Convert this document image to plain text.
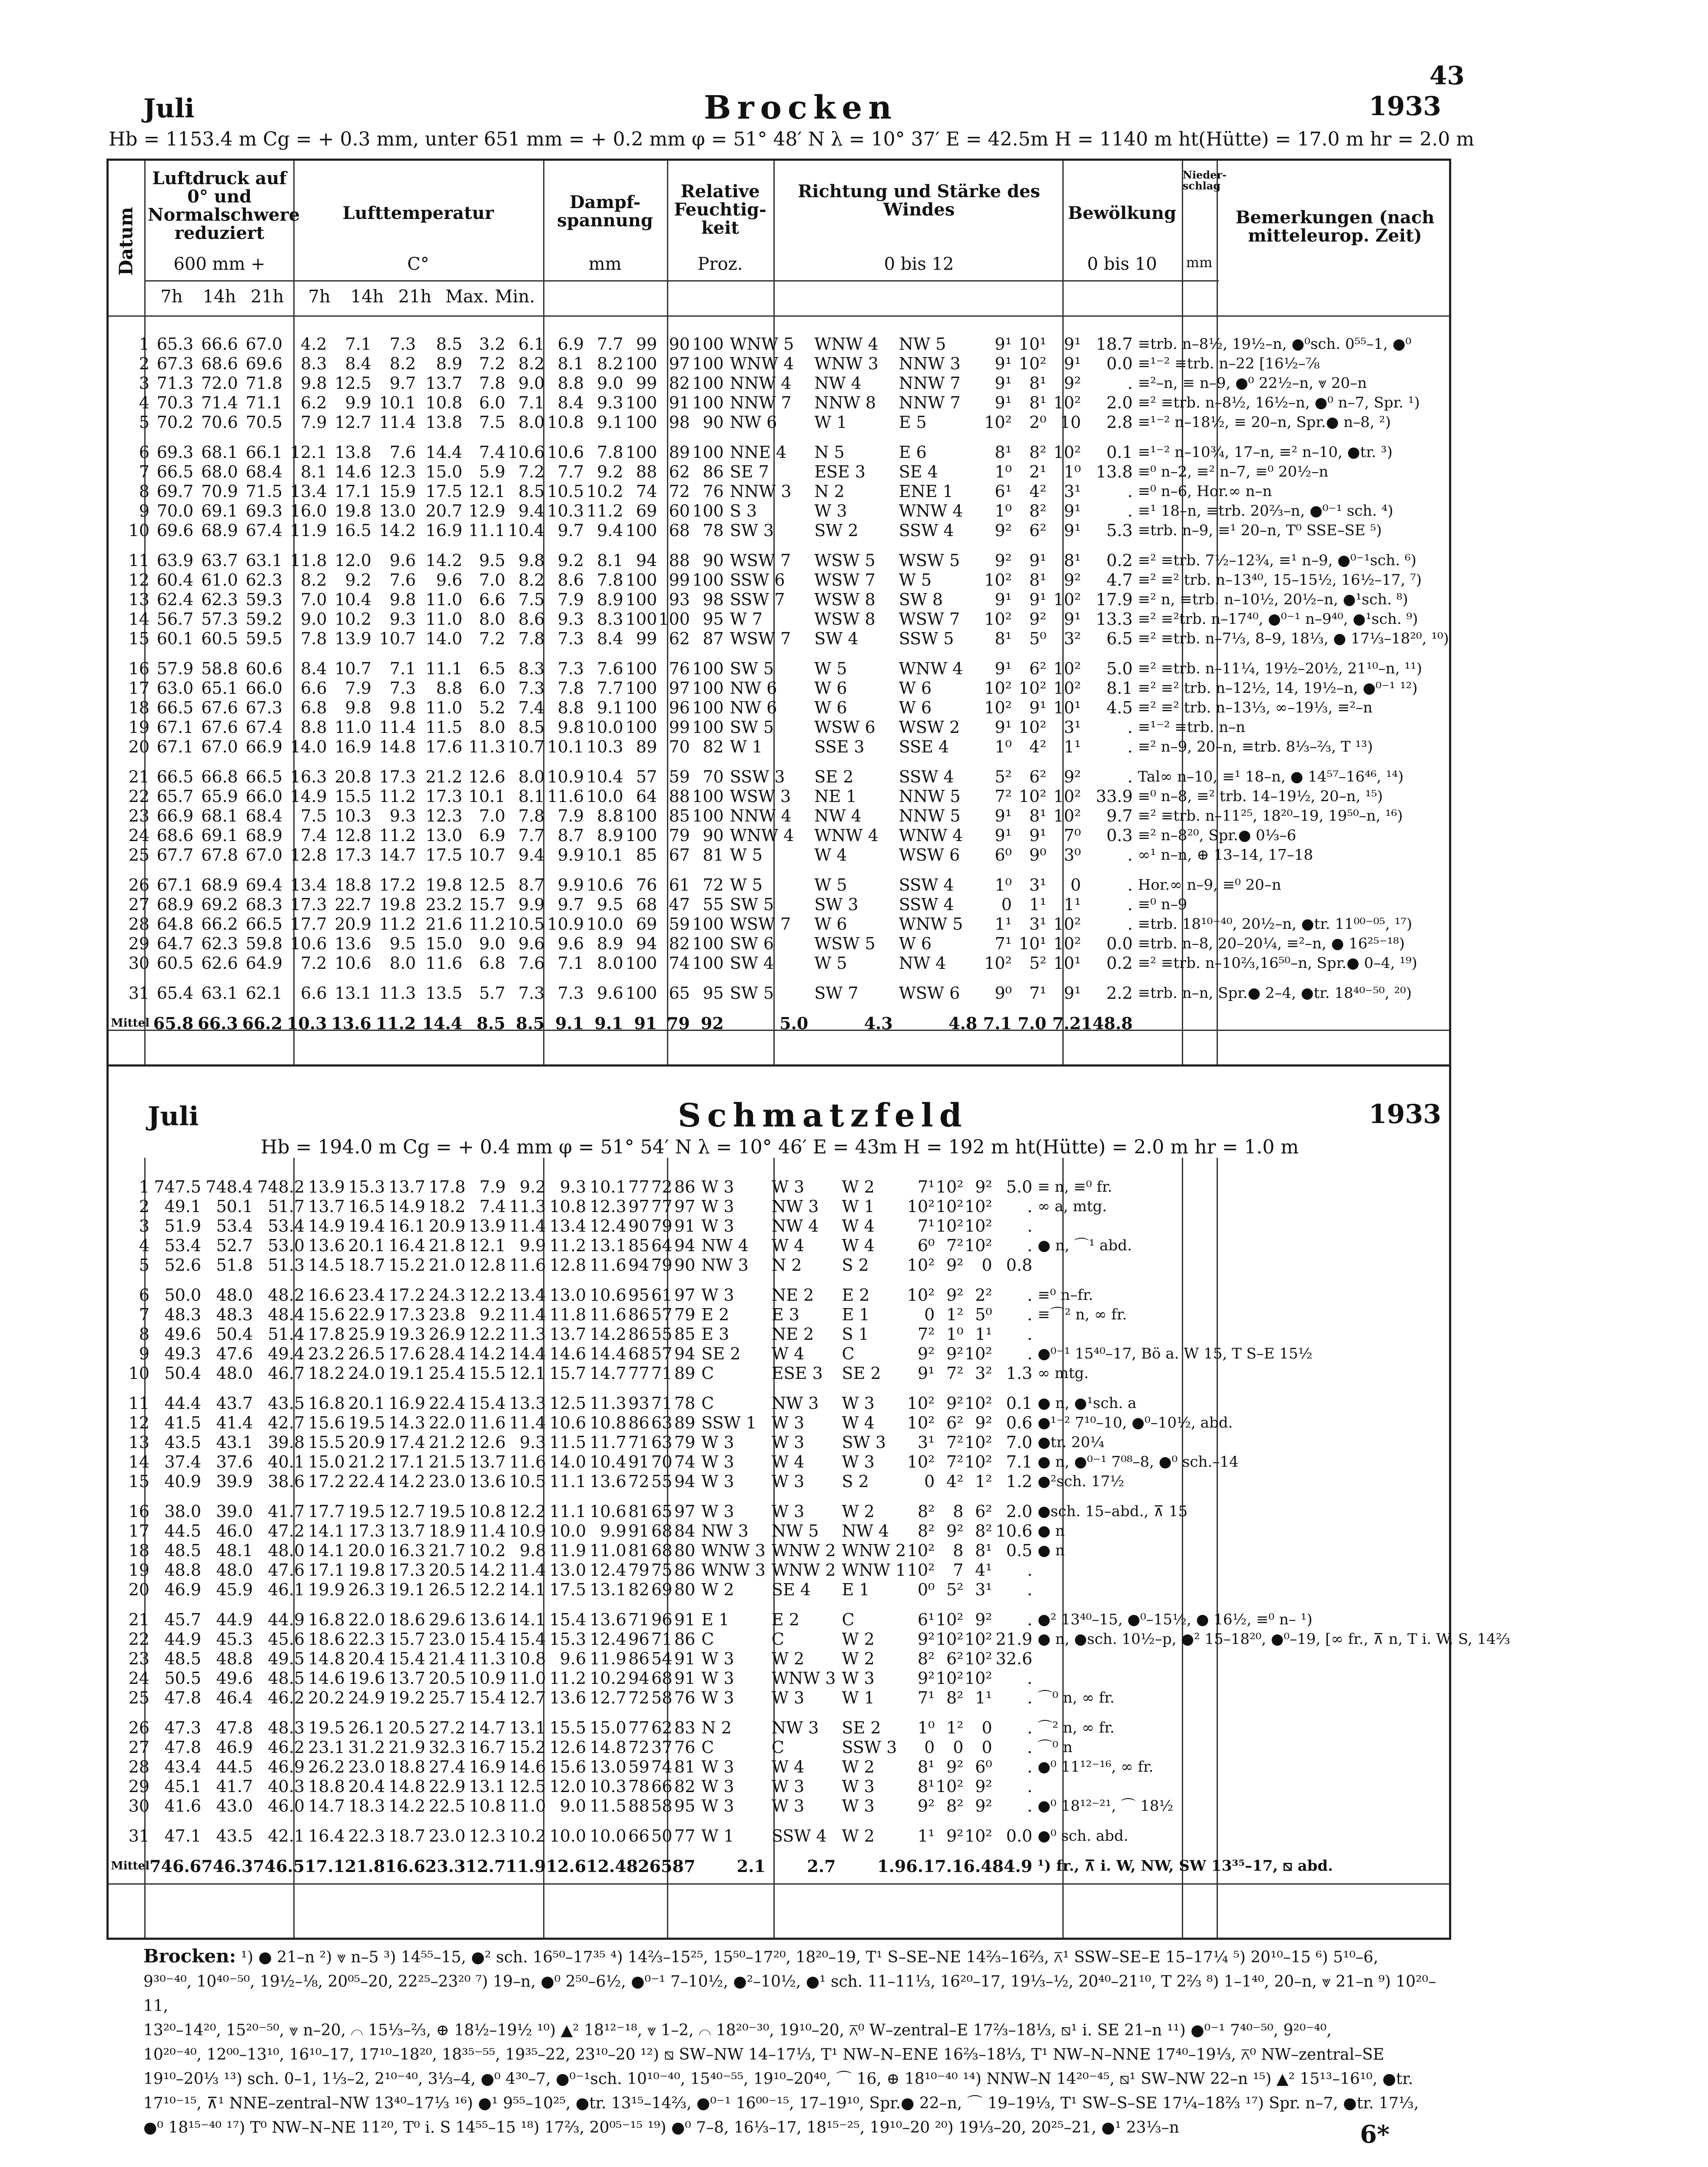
43
Juli	Brocken	1933
Hb = 1153.4 m Cg = + 0.3 mm, unter 651 mm = + 0.2 mm φ = 51° 48′ N λ = 10° 37′ E = 42.5m H = 1140 m ht(Hütte) = 17.0 m hr = 2.0 m
Datum
Luftdruck auf 0° und Normalschwere reduziert
600 mm +
Lufttemperatur
C°
Dampf-spannung
mm
Relative Feuchtig-keit
Proz.
Richtung und Stärke des Windes
0 bis 12
Bewölkung
0 bis 10
Nieder-schlag
mm
Bemerkungen (nach mitteleurop. Zeit)
7h	14h 21h	7h	14h 21h Max. Min.
1	65.3	66.6	67.0	4.2	7.1	7.3	8.5	3.2	6.1	6.9	7.7	99	90	100	WNW 5	WNW 4	NW 5	9¹	10¹	9¹	18.7	≡trb. n–8½, 19½–n, ●⁰sch. 0⁵⁵–1, ●⁰
2	67.3	68.6	69.6	8.3	8.4	8.2	8.9	7.2	8.2	8.1	8.2	100	97	100	WNW 4	WNW 3	NNW 3	9¹	10²	9¹	0.0	≡¹⁻² ≡trb. n–22 [16½–⅞
3	71.3	72.0	71.8	9.8	12.5	9.7	13.7	7.8	9.0	8.8	9.0	99	82	100	NNW 4	NW 4	NNW 7	9¹	8¹	9²	.	≡²–n, ≡ n–9, ●⁰ 22½–n, ⩔ 20–n
4	70.3	71.4	71.1	6.2	9.9	10.1	10.8	6.0	7.1	8.4	9.3	100	91	100	NNW 7	NNW 8	NNW 7	9¹	8¹	10²	2.0	≡² ≡trb. n–8½, 16½–n, ●⁰ n–7, Spr. ¹)
5	70.2	70.6	70.5	7.9	12.7	11.4	13.8	7.5	8.0	10.8	9.1	100	98	90	NW 6	W 1	E 5	10²	2⁰	10	2.8	≡¹⁻² n–18½, ≡ 20–n, Spr.● n–8, ²)
6	69.3	68.1	66.1	12.1	13.8	7.6	14.4	7.4	10.6	10.6	7.8	100	89	100	NNE 4	N 5	E 6	8¹	8²	10²	0.1	≡¹⁻² n–10¾, 17–n, ≡² n–10, ●tr. ³)
7	66.5	68.0	68.4	8.1	14.6	12.3	15.0	5.9	7.2	7.7	9.2	88	62	86	SE 7	ESE 3	SE 4	1⁰	2¹	1⁰	13.8	≡⁰ n–2, ≡² n–7, ≡⁰ 20½–n
8	69.7	70.9	71.5	13.4	17.1	15.9	17.5	12.1	8.5	10.5	10.2	74	72	76	NNW 3	N 2	ENE 1	6¹	4²	3¹	.	≡⁰ n–6, Hor.∞ n–n
9	70.0	69.1	69.3	16.0	19.8	13.0	20.7	12.9	9.4	10.3	11.2	69	60	100	S 3	W 3	WNW 4	1⁰	8²	9¹	.	≡¹ 18–n, ≡trb. 20⅔–n, ●⁰⁻¹ sch. ⁴)
10	69.6	68.9	67.4	11.9	16.5	14.2	16.9	11.1	10.4	9.7	9.4	100	68	78	SW 3	SW 2	SSW 4	9²	6²	9¹	5.3	≡trb. n–9, ≡¹ 20–n, T⁰ SSE–SE ⁵)
11	63.9	63.7	63.1	11.8	12.0	9.6	14.2	9.5	9.8	9.2	8.1	94	88	90	WSW 7	WSW 5	WSW 5	9²	9¹	8¹	0.2	≡² ≡trb. 7½–12¾, ≡¹ n–9, ●⁰⁻¹sch. ⁶)
12	60.4	61.0	62.3	8.2	9.2	7.6	9.6	7.0	8.2	8.6	7.8	100	99	100	SSW 6	WSW 7	W 5	10²	8¹	9²	4.7	≡² ≡² trb. n–13⁴⁰, 15–15½, 16½–17, ⁷)
13	62.4	62.3	59.3	7.0	10.4	9.8	11.0	6.6	7.5	7.9	8.9	100	93	98	SSW 7	WSW 8	SW 8	9¹	9¹	10²	17.9	≡² n, ≡trb. n–10½, 20½–n, ●¹sch. ⁸)
14	56.7	57.3	59.2	9.0	10.2	9.3	11.0	8.0	8.6	9.3	8.3	100	100	95	W 7	WSW 8	WSW 7	10²	9²	9¹	13.3	≡² ≡²trb. n–17⁴⁰, ●⁰⁻¹ n–9⁴⁰, ●¹sch. ⁹)
15	60.1	60.5	59.5	7.8	13.9	10.7	14.0	7.2	7.8	7.3	8.4	99	62	87	WSW 7	SW 4	SSW 5	8¹	5⁰	3²	6.5	≡² ≡trb. n–7⅓, 8–9, 18⅓, ● 17⅓–18²⁰, ¹⁰)
16	57.9	58.8	60.6	8.4	10.7	7.1	11.1	6.5	8.3	7.3	7.6	100	76	100	SW 5	W 5	WNW 4	9¹	6²	10²	5.0	≡² ≡trb. n–11¼, 19½–20½, 21¹⁰–n, ¹¹)
17	63.0	65.1	66.0	6.6	7.9	7.3	8.8	6.0	7.3	7.8	7.7	100	97	100	NW 6	W 6	W 6	10²	10²	10²	8.1	≡² ≡² trb. n–12½, 14, 19½–n, ●⁰⁻¹ ¹²)
18	66.5	67.6	67.3	6.8	9.8	9.8	11.0	5.2	7.4	8.8	9.1	100	96	100	NW 6	W 6	W 6	10²	9¹	10¹	4.5	≡² ≡² trb. n–13⅓, ∞–19⅓, ≡²–n
19	67.1	67.6	67.4	8.8	11.0	11.4	11.5	8.0	8.5	9.8	10.0	100	99	100	SW 5	WSW 6	WSW 2	9¹	10²	3¹	.	≡¹⁻² ≡trb. n–n
20	67.1	67.0	66.9	14.0	16.9	14.8	17.6	11.3	10.7	10.1	10.3	89	70	82	W 1	SSE 3	SSE 4	1⁰	4²	1¹	.	≡² n–9, 20–n, ≡trb. 8⅓–⅔, T ¹³)
21	66.5	66.8	66.5	16.3	20.8	17.3	21.2	12.6	8.0	10.9	10.4	57	59	70	SSW 3	SE 2	SSW 4	5²	6²	9²	.	Tal∞ n–10, ≡¹ 18–n, ● 14⁵⁷–16⁴⁶, ¹⁴)
22	65.7	65.9	66.0	14.9	15.5	11.2	17.3	10.1	8.1	11.6	10.0	64	88	100	WSW 3	NE 1	NNW 5	7²	10²	10²	33.9	≡⁰ n–8, ≡² trb. 14–19½, 20–n, ¹⁵)
23	66.9	68.1	68.4	7.5	10.3	9.3	12.3	7.0	7.8	7.9	8.8	100	85	100	NNW 4	NW 4	NNW 5	9¹	8¹	10²	9.7	≡² ≡trb. n–11²⁵, 18²⁰–19, 19⁵⁰–n, ¹⁶)
24	68.6	69.1	68.9	7.4	12.8	11.2	13.0	6.9	7.7	8.7	8.9	100	79	90	WNW 4	WNW 4	WNW 4	9¹	9¹	7⁰	0.3	≡² n–8²⁰, Spr.● 0⅓–6
25	67.7	67.8	67.0	12.8	17.3	14.7	17.5	10.7	9.4	9.9	10.1	85	67	81	W 5	W 4	WSW 6	6⁰	9⁰	3⁰	.	∞¹ n–n, ⊕ 13–14, 17–18
26	67.1	68.9	69.4	13.4	18.8	17.2	19.8	12.5	8.7	9.9	10.6	76	61	72	W 5	W 5	SSW 4	1⁰	3¹	0	.	Hor.∞ n–9, ≡⁰ 20–n
27	68.9	69.2	68.3	17.3	22.7	19.8	23.2	15.7	9.9	9.7	9.5	68	47	55	SW 5	SW 3	SSW 4	0	1¹	1¹	.	≡⁰ n–9
28	64.8	66.2	66.5	17.7	20.9	11.2	21.6	11.2	10.5	10.9	10.0	69	59	100	WSW 7	W 6	WNW 5	1¹	3¹	10²	.	≡trb. 18¹⁰⁻⁴⁰, 20½–n, ●tr. 11⁰⁰⁻⁰⁵, ¹⁷)
29	64.7	62.3	59.8	10.6	13.6	9.5	15.0	9.0	9.6	9.6	8.9	94	82	100	SW 6	WSW 5	W 6	7¹	10¹	10²	0.0	≡trb. n–8, 20–20¼, ≡²–n, ● 16²⁵⁻¹⁸)
30	60.5	62.6	64.9	7.2	10.6	8.0	11.6	6.8	7.6	7.1	8.0	100	74	100	SW 4	W 5	NW 4	10²	5²	10¹	0.2	≡² ≡trb. n–10⅔,16⁵⁰–n, Spr.● 0–4, ¹⁹)
31	65.4	63.1	62.1	6.6	13.1	11.3	13.5	5.7	7.3	7.3	9.6	100	65	95	SW 5	SW 7	WSW 6	9⁰	7¹	9¹	2.2	≡trb. n–n, Spr.● 2–4, ●tr. 18⁴⁰⁻⁵⁰, ²⁰)
Mittel	65.8	66.3	66.2	10.3	13.6	11.2	14.4	8.5	8.5	9.1	9.1	91	79	92	5.0	4.3	4.8	7.1	7.0	7.2	148.8	
Juli	Schmatzfeld	1933
Hb = 194.0 m Cg = + 0.4 mm φ = 51° 54′ N λ = 10° 46′ E = 43m H = 192 m ht(Hütte) = 2.0 m hr = 1.0 m
1	747.5	748.4	748.2	13.9	15.3	13.7	17.8	7.9	9.2	9.3	10.1	77	72	86	W 3	W 3	W 2	7¹	10²	9²	5.0	≡ n, ≡⁰ fr.
2	49.1	50.1	51.7	13.7	16.5	14.9	18.2	7.4	11.3	10.8	12.3	97	77	97	W 3	NW 3	W 1	10²	10²	10²	.	∞ a, mtg.
3	51.9	53.4	53.4	14.9	19.4	16.1	20.9	13.9	11.4	13.4	12.4	90	79	91	W 3	NW 4	W 4	7¹	10²	10²	.	
4	53.4	52.7	53.0	13.6	20.1	16.4	21.8	12.1	9.9	11.2	13.1	85	64	94	NW 4	W 4	W 4	6⁰	7²	10²	.	● n, ⌒¹ abd.
5	52.6	51.8	51.3	14.5	18.7	15.2	21.0	12.8	11.6	12.8	11.6	94	79	90	NW 3	N 2	S 2	10²	9²	0	0.8	
6	50.0	48.0	48.2	16.6	23.4	17.2	24.3	12.2	13.4	13.0	10.6	95	61	97	W 3	NE 2	E 2	10²	9²	2²	.	≡⁰ n–fr.
7	48.3	48.3	48.4	15.6	22.9	17.3	23.8	9.2	11.4	11.8	11.6	86	57	79	E 2	E 3	E 1	0	1²	5⁰	.	≡⌒² n, ∞ fr.
8	49.6	50.4	51.4	17.8	25.9	19.3	26.9	12.2	11.3	13.7	14.2	86	55	85	E 3	NE 2	S 1	7²	1⁰	1¹	.	
9	49.3	47.6	49.4	23.2	26.5	17.6	28.4	14.2	14.4	14.6	14.4	68	57	94	SE 2	W 4	C	9²	9²	10²	.	●⁰⁻¹ 15⁴⁰–17, Bö a. W 15, T S–E 15½
10	50.4	48.0	46.7	18.2	24.0	19.1	25.4	15.5	12.1	15.7	14.7	77	71	89	C	ESE 3	SE 2	9¹	7²	3²	1.3	∞ mtg.
11	44.4	43.7	43.5	16.8	20.1	16.9	22.4	15.4	13.3	12.5	11.3	93	71	78	C	NW 3	W 3	10²	9²	10²	0.1	● n, ●¹sch. a
12	41.5	41.4	42.7	15.6	19.5	14.3	22.0	11.6	11.4	10.6	10.8	86	63	89	SSW 1	W 3	W 4	10²	6²	9²	0.6	●¹⁻² 7¹⁰–10, ●⁰–10½, abd.
13	43.5	43.1	39.8	15.5	20.9	17.4	21.2	12.6	9.3	11.5	11.7	71	63	79	W 3	W 3	SW 3	3¹	7²	10²	7.0	●tr. 20¼
14	37.4	37.6	40.1	15.0	21.2	17.1	21.5	13.7	11.6	14.0	10.4	91	70	74	W 3	W 4	W 3	10²	7²	10²	7.1	● n, ●⁰⁻¹ 7⁰⁸–8, ●⁰ sch.–14
15	40.9	39.9	38.6	17.2	22.4	14.2	23.0	13.6	10.5	11.1	13.6	72	55	94	W 3	W 3	S 2	0	4²	1²	1.2	●²sch. 17½
16	38.0	39.0	41.7	17.7	19.5	12.7	19.5	10.8	12.2	11.1	10.6	81	65	97	W 3	W 3	W 2	8²	8	6²	2.0	●sch. 15–abd., ⊼ 15
17	44.5	46.0	47.2	14.1	17.3	13.7	18.9	11.4	10.9	10.0	9.9	91	68	84	NW 3	NW 5	NW 4	8²	9²	8²	10.6	● n
18	48.5	48.1	48.0	14.1	20.0	16.3	21.7	10.2	9.8	11.9	11.0	81	68	80	WNW 3	WNW 2	WNW 2	10²	8	8¹	0.5	● n
19	48.8	48.0	47.6	17.1	19.8	17.3	20.5	14.2	11.4	13.0	12.4	79	75	86	WNW 3	WNW 2	WNW 1	10²	7	4¹	.	
20	46.9	45.9	46.1	19.9	26.3	19.1	26.5	12.2	14.1	17.5	13.1	82	69	80	W 2	SE 4	E 1	0⁰	5²	3¹	.	
21	45.7	44.9	44.9	16.8	22.0	18.6	29.6	13.6	14.1	15.4	13.6	71	96	91	E 1	E 2	C	6¹	10²	9²	.	●² 13⁴⁰–15, ●⁰–15½, ● 16½, ≡⁰ n– ¹)
22	44.9	45.3	45.6	18.6	22.3	15.7	23.0	15.4	15.4	15.3	12.4	96	71	86	C	C	W 2	9²	10²	10²	21.9	● n, ●sch. 10½–p, ●² 15–18²⁰, ●⁰–19, [∞ fr., ⊼ n, T i. W, S, 14⅔
23	48.5	48.8	49.5	14.8	20.4	15.4	21.4	11.3	10.8	9.6	11.9	86	54	91	W 3	W 2	W 2	8²	6²	10²	32.6	
24	50.5	49.6	48.5	14.6	19.6	13.7	20.5	10.9	11.0	11.2	10.2	94	68	91	W 3	WNW 3	W 3	9²	10²	10²	.	
25	47.8	46.4	46.2	20.2	24.9	19.2	25.7	15.4	12.7	13.6	12.7	72	58	76	W 3	W 3	W 1	7¹	8²	1¹	.	⌒⁰ n, ∞ fr.
26	47.3	47.8	48.3	19.5	26.1	20.5	27.2	14.7	13.1	15.5	15.0	77	62	83	N 2	NW 3	SE 2	1⁰	1²	0	.	⌒² n, ∞ fr.
27	47.8	46.9	46.2	23.1	31.2	21.9	32.3	16.7	15.2	12.6	14.8	72	37	76	C	C	SSW 3	0	0	0	.	⌒⁰ n
28	43.4	44.5	46.9	26.2	23.0	18.8	27.4	16.9	14.6	15.6	13.0	59	74	81	W 3	W 4	W 2	8¹	9²	6⁰	.	●⁰ 11¹²⁻¹⁶, ∞ fr.
29	45.1	41.7	40.3	18.8	20.4	14.8	22.9	13.1	12.5	12.0	10.3	78	66	82	W 3	W 3	W 3	8¹	10²	9²	.	
30	41.6	43.0	46.0	14.7	18.3	14.2	22.5	10.8	11.0	9.0	11.5	88	58	95	W 3	W 3	W 3	9²	8²	9²	.	●⁰ 18¹²⁻²¹, ⌒ 18½
31	47.1	43.5	42.1	16.4	22.3	18.7	23.0	12.3	10.2	10.0	10.0	66	50	77	W 1	SSW 4	W 2	1¹	9²	10²	0.0	●⁰ sch. abd.
Mittel	746.6	746.3	746.5	17.1	21.8	16.6	23.3	12.7	11.9	12.6	12.4	82	65	87	2.1	2.7	1.9	6.1	7.1	6.4	84.9	¹) fr., ⊼ i. W, NW, SW 13³⁵–17, ⧅ abd.
Brocken: ¹) ● 21–n ²) ⩔ n–5 ³) 14⁵⁵–15, ●² sch. 16⁵⁰–17³⁵ ⁴) 14⅔–15²⁵, 15⁵⁰–17²⁰, 18²⁰–19, T¹ S–SE–NE 14⅔–16⅔, ⊼¹ SSW–SE–E 15–17¼ ⁵) 20¹⁰–15 ⁶) 5¹⁰–6,
9³⁰⁻⁴⁰, 10⁴⁰⁻⁵⁰, 19½–⅛, 20⁰⁵–20, 22²⁵–23²⁰ ⁷) 19–n, ●⁰ 2⁵⁰–6½, ●⁰⁻¹ 7–10½, ●²–10½, ●¹ sch. 11–11⅓, 16²⁰–17, 19⅓–½, 20⁴⁰–21¹⁰, T 2⅔ ⁸) 1–1⁴⁰, 20–n, ⩔ 21–n ⁹) 10²⁰–11,
13²⁰–14²⁰, 15²⁰⁻⁵⁰, ⩔ n–20, ⌒ 15⅓–⅔, ⊕ 18½–19½ ¹⁰) ▲² 18¹²⁻¹⁸, ⩔ 1–2, ⌒ 18²⁰⁻³⁰, 19¹⁰–20, ⊼⁰ W–zentral–E 17⅔–18⅓, ⧅¹ i. SE 21–n ¹¹) ●⁰⁻¹ 7⁴⁰⁻⁵⁰, 9²⁰⁻⁴⁰,
10²⁰⁻⁴⁰, 12⁰⁰–13¹⁰, 16¹⁰–17, 17¹⁰–18²⁰, 18³⁵⁻⁵⁵, 19³⁵–22, 23¹⁰–20 ¹²) ⧅ SW–NW 14–17⅓, T¹ NW–N–ENE 16⅔–18⅓, T¹ NW–N–NNE 17⁴⁰–19⅓, ⊼⁰ NW–zentral–SE
19¹⁰–20⅓ ¹³) sch. 0–1, 1⅓–2, 2¹⁰⁻⁴⁰, 3⅓–4, ●⁰ 4³⁰–7, ●⁰⁻¹sch. 10¹⁰⁻⁴⁰, 15⁴⁰⁻⁵⁵, 19¹⁰–20⁴⁰, ⌒ 16, ⊕ 18¹⁰⁻⁴⁰ ¹⁴) NNW–N 14²⁰⁻⁴⁵, ⧅¹ SW–NW 22–n ¹⁵) ▲² 15¹³–16¹⁰, ●tr.
17¹⁰⁻¹⁵, ⊼¹ NNE–zentral–NW 13⁴⁰–17⅓ ¹⁶) ●¹ 9⁵⁵–10²⁵, ●tr. 13¹⁵–14⅔, ●⁰⁻¹ 16⁰⁰⁻¹⁵, 17–19¹⁰, Spr.● 22–n, ⌒ 19–19⅓, T¹ SW–S–SE 17¼–18⅔ ¹⁷) Spr. n–7, ●tr. 17⅓,
●⁰ 18¹⁵⁻⁴⁰ ¹⁷) T⁰ NW–N–NE 11²⁰, T⁰ i. S 14⁵⁵–15 ¹⁸) 17⅔, 20⁰⁵⁻¹⁵ ¹⁹) ●⁰ 7–8, 16⅓–17, 18¹⁵⁻²⁵, 19¹⁰–20 ²⁰) 19⅓–20, 20²⁵–21, ●¹ 23⅓–n	6*
